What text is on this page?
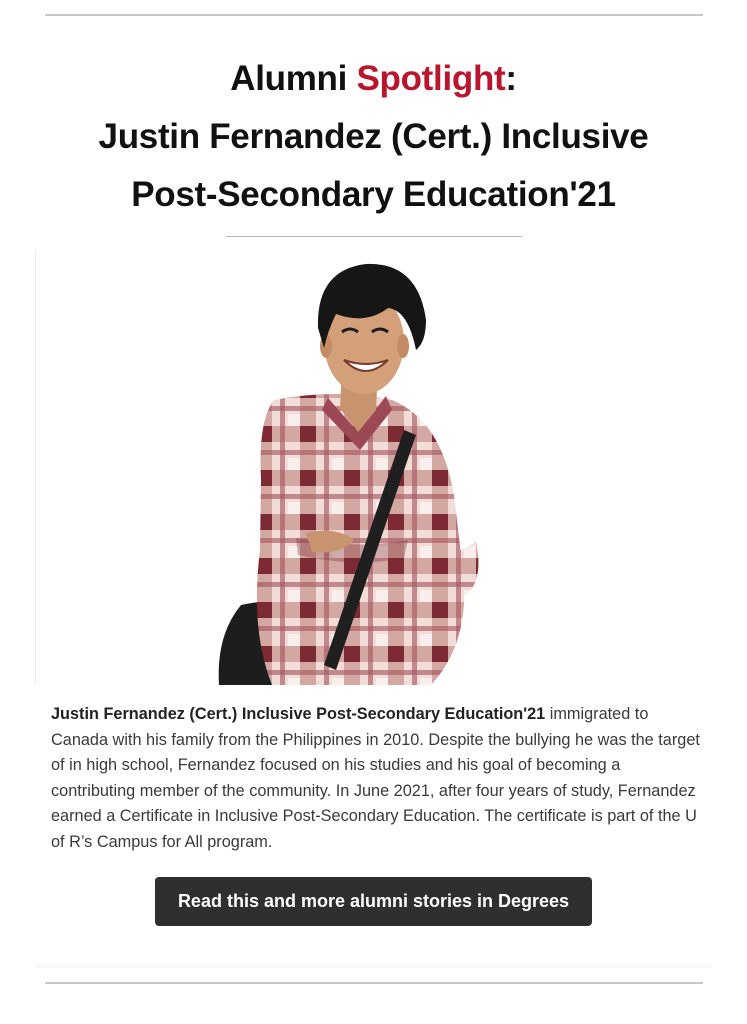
Alumni Spotlight:
Justin Fernandez (Cert.) Inclusive
Post-Secondary Education'21
Justin Fernandez (Cert.) Inclusive Post-Secondary Education'21 immigrated to Canada with his family from the Philippines in 2010. Despite the bullying he was the target of in high school, Fernandez focused on his studies and his goal of becoming a contributing member of the community. In June 2021, after four years of study, Fernandez earned a Certificate in Inclusive Post-Secondary Education. The certificate is part of the U of R’s Campus for All program.
Read this and more alumni stories in Degrees
